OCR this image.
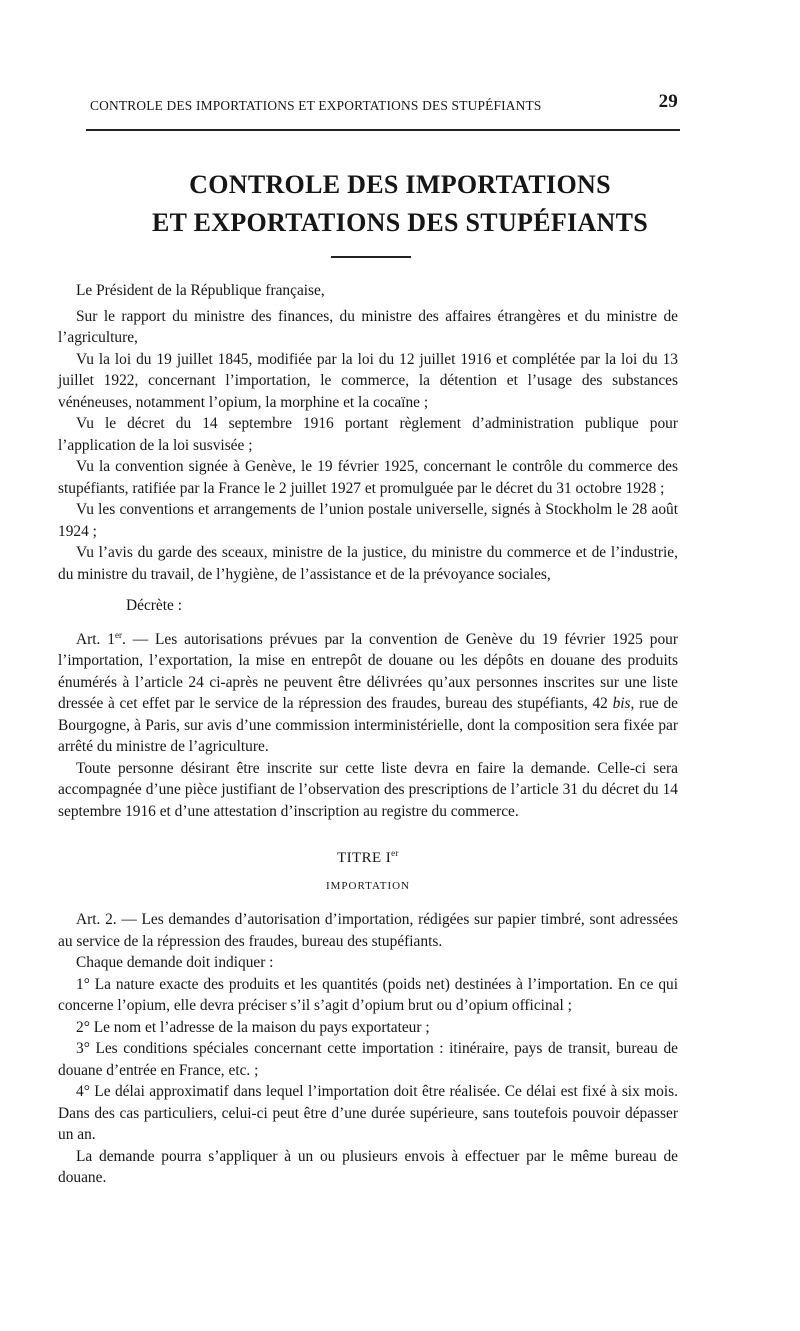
CONTROLE DES IMPORTATIONS ET EXPORTATIONS DES STUPÉFIANTS	29
CONTROLE DES IMPORTATIONS
ET EXPORTATIONS DES STUPÉFIANTS

Le Président de la République française,

Sur le rapport du ministre des finances, du ministre des affaires étrangères et du ministre de l’agriculture,

Vu la loi du 19 juillet 1845, modifiée par la loi du 12 juillet 1916 et complétée par la loi du 13 juillet 1922, concernant l’importation, le commerce, la détention et l’usage des substances vénéneuses, notamment l’opium, la morphine et la cocaïne ;

Vu le décret du 14 septembre 1916 portant règlement d’administration publique pour l’application de la loi susvisée ;

Vu la convention signée à Genève, le 19 février 1925, concernant le contrôle du commerce des stupéfiants, ratifiée par la France le 2 juillet 1927 et promulguée par le décret du 31 octobre 1928 ;

Vu les conventions et arrangements de l’union postale universelle, signés à Stockholm le 28 août 1924 ;

Vu l’avis du garde des sceaux, ministre de la justice, du ministre du commerce et de l’industrie, du ministre du travail, de l’hygiène, de l’assistance et de la prévoyance sociales,

Décrète :

Art. 1er. — Les autorisations prévues par la convention de Genève du 19 février 1925 pour l’importation, l’exportation, la mise en entrepôt de douane ou les dépôts en douane des produits énumérés à l’article 24 ci-après ne peuvent être délivrées qu’aux personnes inscrites sur une liste dressée à cet effet par le service de la répression des fraudes, bureau des stupéfiants, 42 bis, rue de Bourgogne, à Paris, sur avis d’une commission interministérielle, dont la composition sera fixée par arrêté du ministre de l’agriculture.

Toute personne désirant être inscrite sur cette liste devra en faire la demande. Celle-ci sera accompagnée d’une pièce justifiant de l’observation des prescriptions de l’article 31 du décret du 14 septembre 1916 et d’une attestation d’inscription au registre du commerce.

TITRE Ier
IMPORTATION

Art. 2. — Les demandes d’autorisation d’importation, rédigées sur papier timbré, sont adressées au service de la répression des fraudes, bureau des stupéfiants.

Chaque demande doit indiquer :

1° La nature exacte des produits et les quantités (poids net) destinées à l’importation. En ce qui concerne l’opium, elle devra préciser s’il s’agit d’opium brut ou d’opium officinal ;

2° Le nom et l’adresse de la maison du pays exportateur ;

3° Les conditions spéciales concernant cette importation : itinéraire, pays de transit, bureau de douane d’entrée en France, etc. ;

4° Le délai approximatif dans lequel l’importation doit être réalisée. Ce délai est fixé à six mois. Dans des cas particuliers, celui-ci peut être d’une durée supérieure, sans toutefois pouvoir dépasser un an.

La demande pourra s’appliquer à un ou plusieurs envois à effectuer par le même bureau de douane.
